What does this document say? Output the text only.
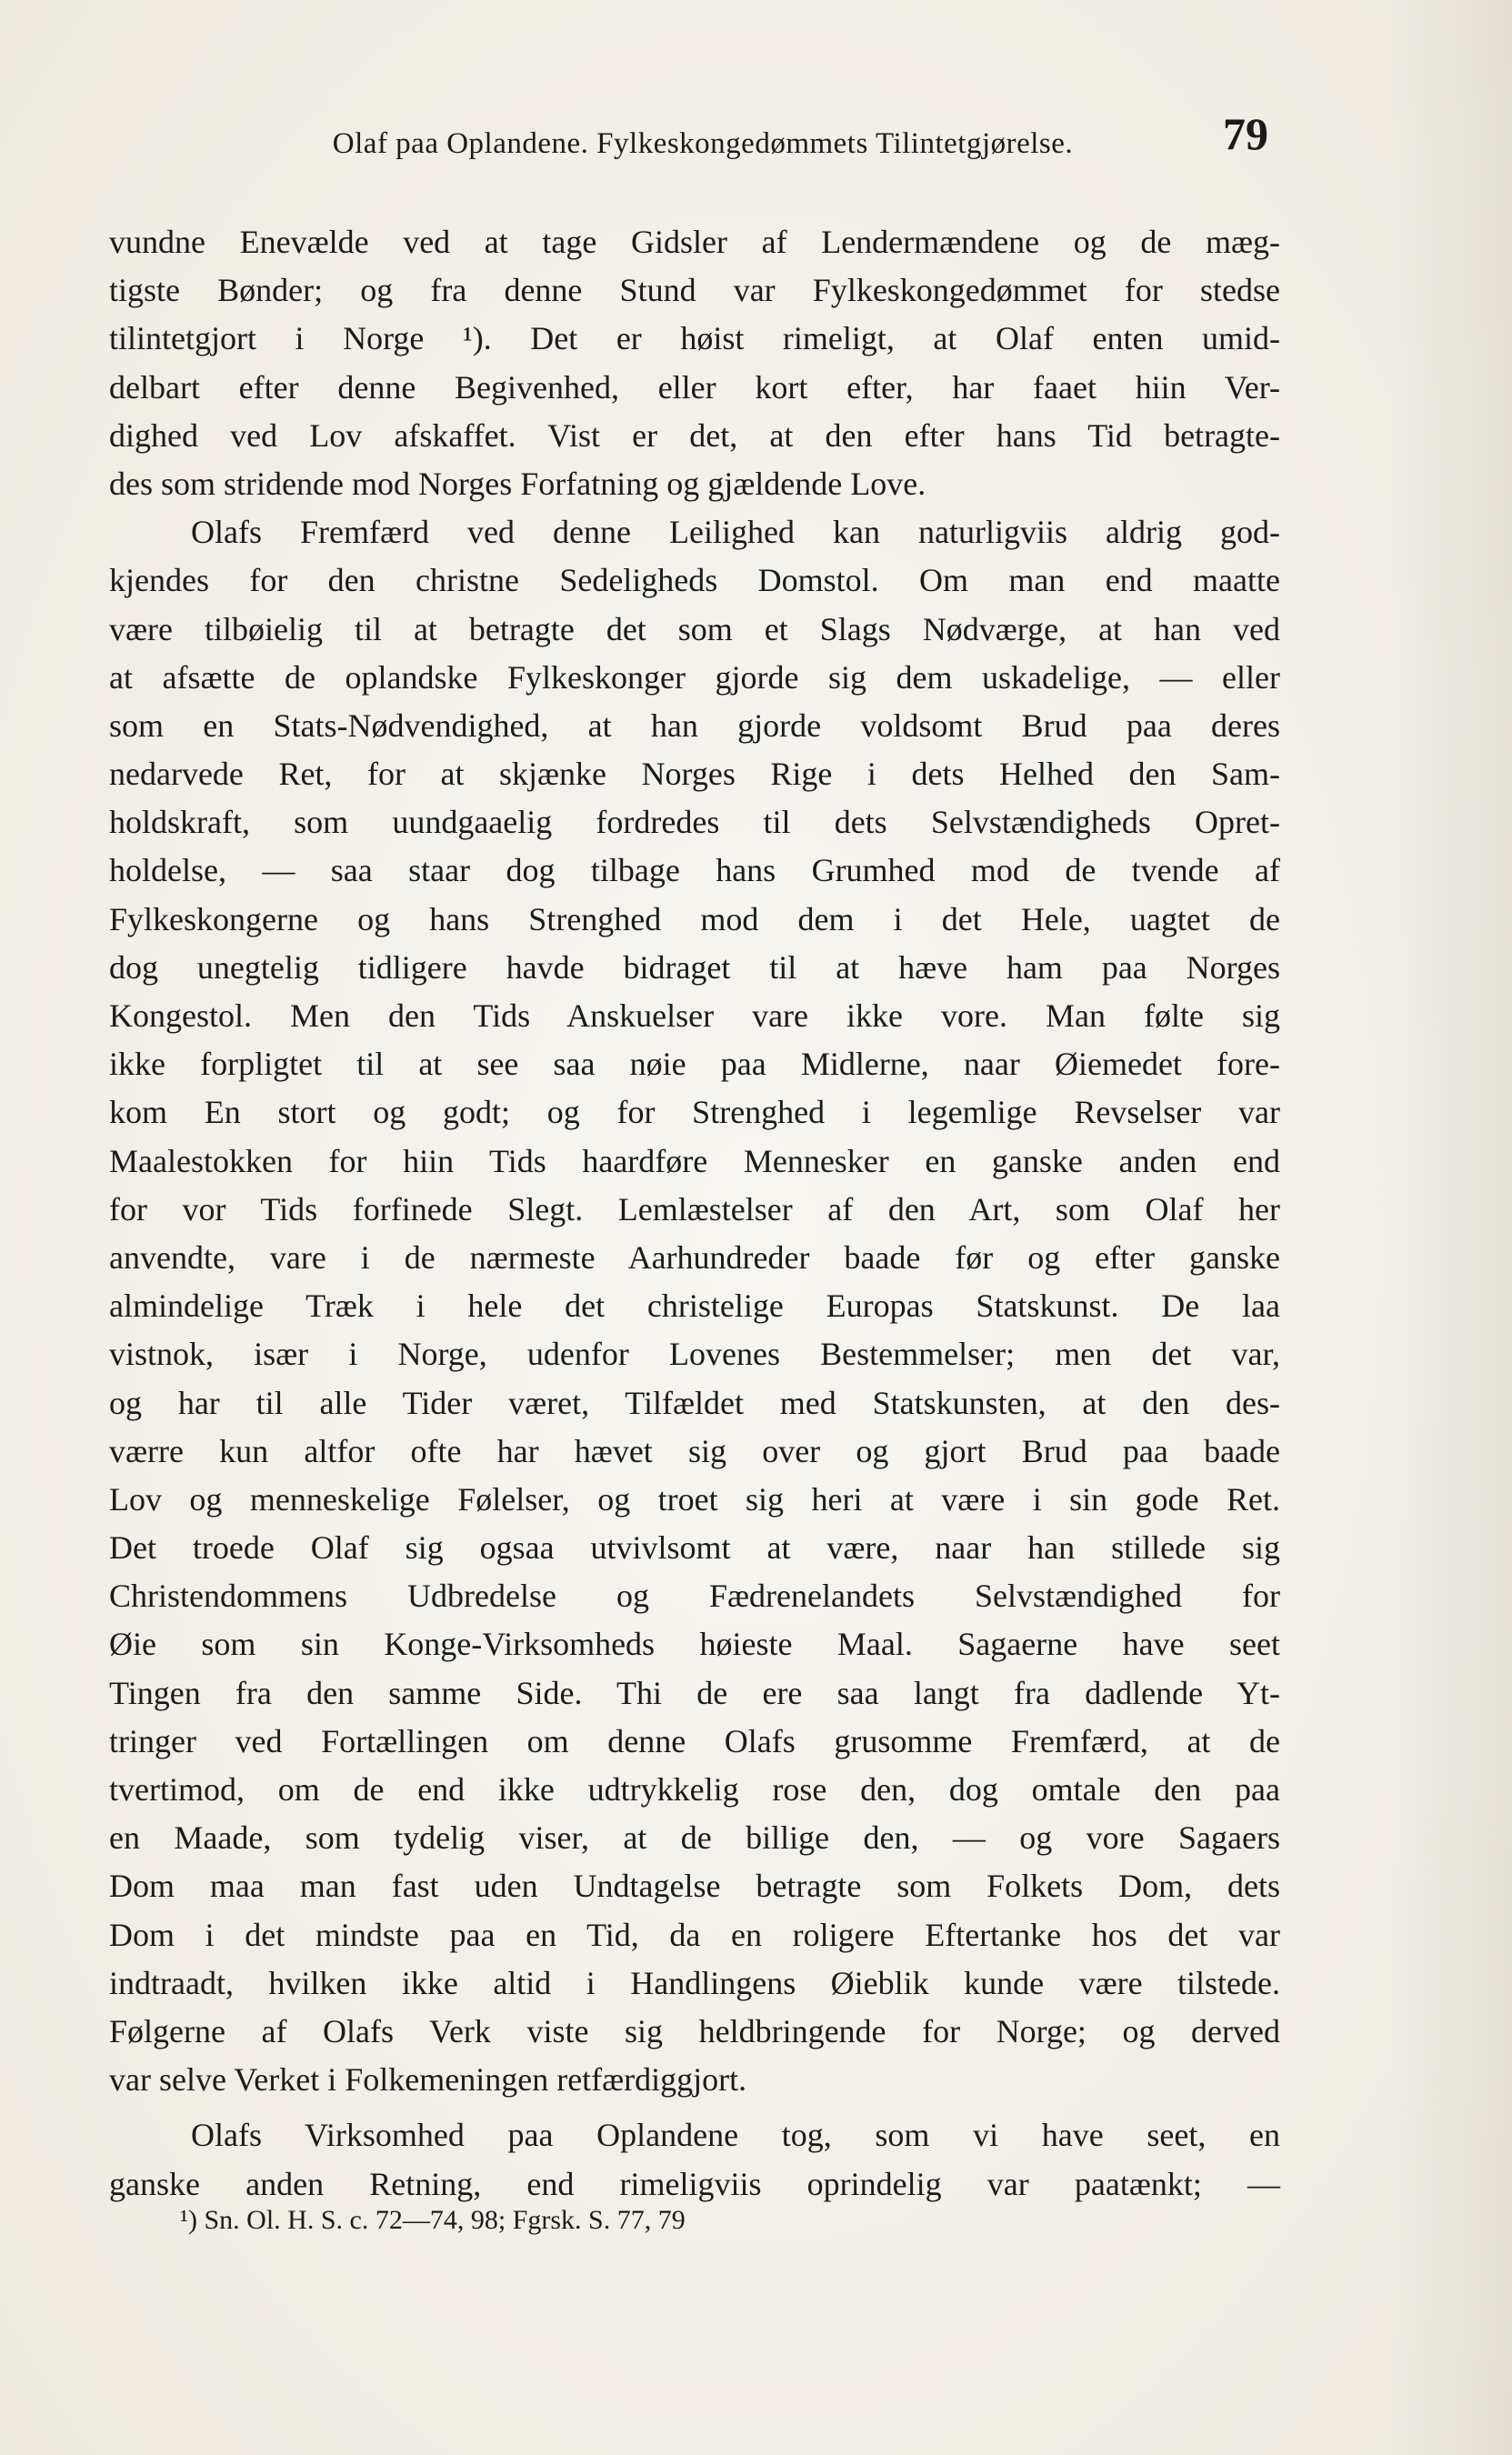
Olaf paa Oplandene. Fylkeskongedømmets Tilintetgjørelse.	79
vundne Enevælde ved at tage Gidsler af Lendermændene og de mæg-
tigste Bønder; og fra denne Stund var Fylkeskongedømmet for stedse
tilintetgjort i Norge ¹). Det er høist rimeligt, at Olaf enten umid-
delbart efter denne Begivenhed, eller kort efter, har faaet hiin Ver-
dighed ved Lov afskaffet. Vist er det, at den efter hans Tid betragte-
des som stridende mod Norges Forfatning og gjældende Love.
Olafs Fremfærd ved denne Leilighed kan naturligviis aldrig god-
kjendes for den christne Sedeligheds Domstol. Om man end maatte
være tilbøielig til at betragte det som et Slags Nødværge, at han ved
at afsætte de oplandske Fylkeskonger gjorde sig dem uskadelige, — eller
som en Stats-Nødvendighed, at han gjorde voldsomt Brud paa deres
nedarvede Ret, for at skjænke Norges Rige i dets Helhed den Sam-
holdskraft, som uundgaaelig fordredes til dets Selvstændigheds Opret-
holdelse, — saa staar dog tilbage hans Grumhed mod de tvende af
Fylkeskongerne og hans Strenghed mod dem i det Hele, uagtet de
dog unegtelig tidligere havde bidraget til at hæve ham paa Norges
Kongestol. Men den Tids Anskuelser vare ikke vore. Man følte sig
ikke forpligtet til at see saa nøie paa Midlerne, naar Øiemedet fore-
kom En stort og godt; og for Strenghed i legemlige Revselser var
Maalestokken for hiin Tids haardføre Mennesker en ganske anden end
for vor Tids forfinede Slegt. Lemlæstelser af den Art, som Olaf her
anvendte, vare i de nærmeste Aarhundreder baade før og efter ganske
almindelige Træk i hele det christelige Europas Statskunst. De laa
vistnok, især i Norge, udenfor Lovenes Bestemmelser; men det var,
og har til alle Tider været, Tilfældet med Statskunsten, at den des-
værre kun altfor ofte har hævet sig over og gjort Brud paa baade
Lov og menneskelige Følelser, og troet sig heri at være i sin gode Ret.
Det troede Olaf sig ogsaa utvivlsomt at være, naar han stillede sig
Christendommens Udbredelse og Fædrenelandets Selvstændighed for
Øie som sin Konge-Virksomheds høieste Maal. Sagaerne have seet
Tingen fra den samme Side. Thi de ere saa langt fra dadlende Yt-
tringer ved Fortællingen om denne Olafs grusomme Fremfærd, at de
tvertimod, om de end ikke udtrykkelig rose den, dog omtale den paa
en Maade, som tydelig viser, at de billige den, — og vore Sagaers
Dom maa man fast uden Undtagelse betragte som Folkets Dom, dets
Dom i det mindste paa en Tid, da en roligere Eftertanke hos det var
indtraadt, hvilken ikke altid i Handlingens Øieblik kunde være tilstede.
Følgerne af Olafs Verk viste sig heldbringende for Norge; og derved
var selve Verket i Folkemeningen retfærdiggjort.
Olafs Virksomhed paa Oplandene tog, som vi have seet, en
ganske anden Retning, end rimeligviis oprindelig var paatænkt; —
¹) Sn. Ol. H. S. c. 72—74, 98; Fgrsk. S. 77, 79
